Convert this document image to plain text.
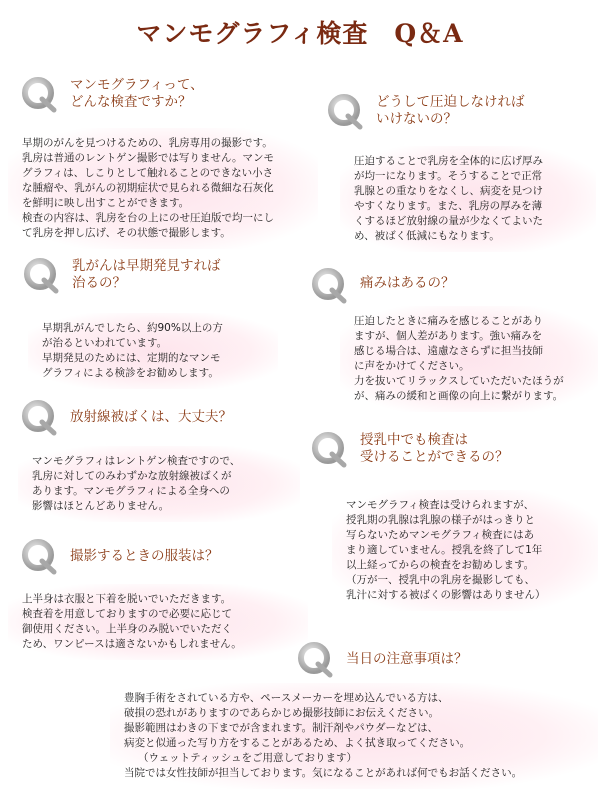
マンモグラフィ検査　Q＆A
マンモグラフィって、
どんな検査ですか？
早期のがんを見つけるための、乳房専用の撮影です。
乳房は普通のレントゲン撮影では写りません。マンモ
グラフィは、しこりとして触れることのできない小さ
な腫瘤や、乳がんの初期症状で見られる微細な石灰化
を鮮明に映し出すことができます。
検査の内容は、乳房を台の上にのせ圧迫版で均一にし
て乳房を押し広げ、その状態で撮影します。
どうして圧迫しなければ
いけないの？
圧迫することで乳房を全体的に広げ厚み
が均一になります。そうすることで正常
乳腺との重なりをなくし、病変を見つけ
やすくなります。また、乳房の厚みを薄
くするほど放射線の量が少なくてよいた
め、被ばく低減にもなります。
乳がんは早期発見すれば
治るの？
早期乳がんでしたら、約90%以上の方
が治るといわれています。
早期発見のためには、定期的なマンモ
グラフィによる検診をお勧めします。
痛みはあるの？
圧迫したときに痛みを感じることがあり
ますが、個人差があります。強い痛みを
感じる場合は、遠慮なさらずに担当技師
に声をかけてください。
力を抜いてリラックスしていただいたほうが
が、痛みの緩和と画像の向上に繋がります。
放射線被ばくは、大丈夫？
マンモグラフィはレントゲン検査ですので、
乳房に対してのみわずかな放射線被ばくが
あります。マンモグラフィによる全身への
影響はほとんどありません。
授乳中でも検査は
受けることができるの？
マンモグラフィ検査は受けられますが、
授乳期の乳腺は乳腺の様子がはっきりと
写らないためマンモグラフィ検査にはあ
まり適していません。授乳を終了して1年
以上経ってからの検査をお勧めします。
（万が一、授乳中の乳房を撮影しても、
乳汁に対する被ばくの影響はありません）
撮影するときの服装は？
上半身は衣服と下着を脱いでいただきます。
検査着を用意しておりますので必要に応じて
御使用ください。上半身のみ脱いでいただく
ため、ワンピースは適さないかもしれません。
当日の注意事項は？
豊胸手術をされている方や、ペースメーカーを埋め込んでいる方は、
破損の恐れがありますのであらかじめ撮影技師にお伝えください。
撮影範囲はわきの下までが含まれます。制汗剤やパウダーなどは、
病変と似通った写り方をすることがあるため、よく拭き取ってください。
（ウェットティッシュをご用意しております）
当院では女性技師が担当しております。気になることがあれば何でもお話ください。
